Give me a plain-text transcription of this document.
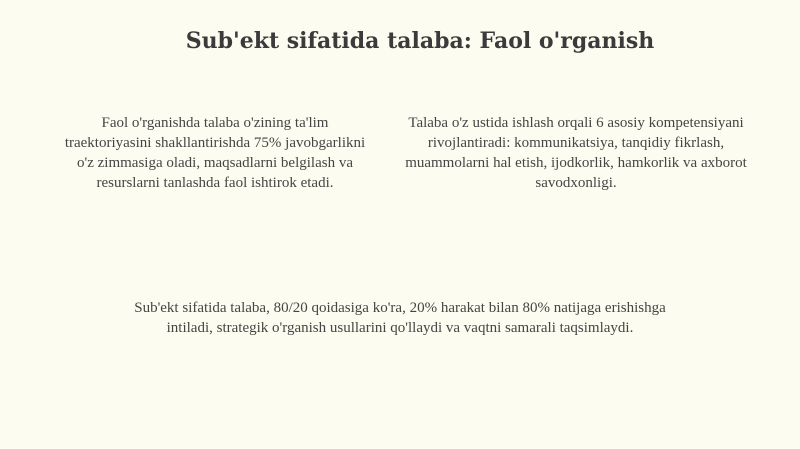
Sub'ekt sifatida talaba: Faol o'rganish

Faol o'rganishda talaba o'zining ta'lim traektoriyasini shakllantirishda 75% javobgarlikni o'z zimmasiga oladi, maqsadlarni belgilash va resurslarni tanlashda faol ishtirok etadi.

Talaba o'z ustida ishlash orqali 6 asosiy kompetensiyani rivojlantiradi: kommunikatsiya, tanqidiy fikrlash, muammolarni hal etish, ijodkorlik, hamkorlik va axborot savodxonligi.

Sub'ekt sifatida talaba, 80/20 qoidasiga ko'ra, 20% harakat bilan 80% natijaga erishishga intiladi, strategik o'rganish usullarini qo'llaydi va vaqtni samarali taqsimlaydi.
